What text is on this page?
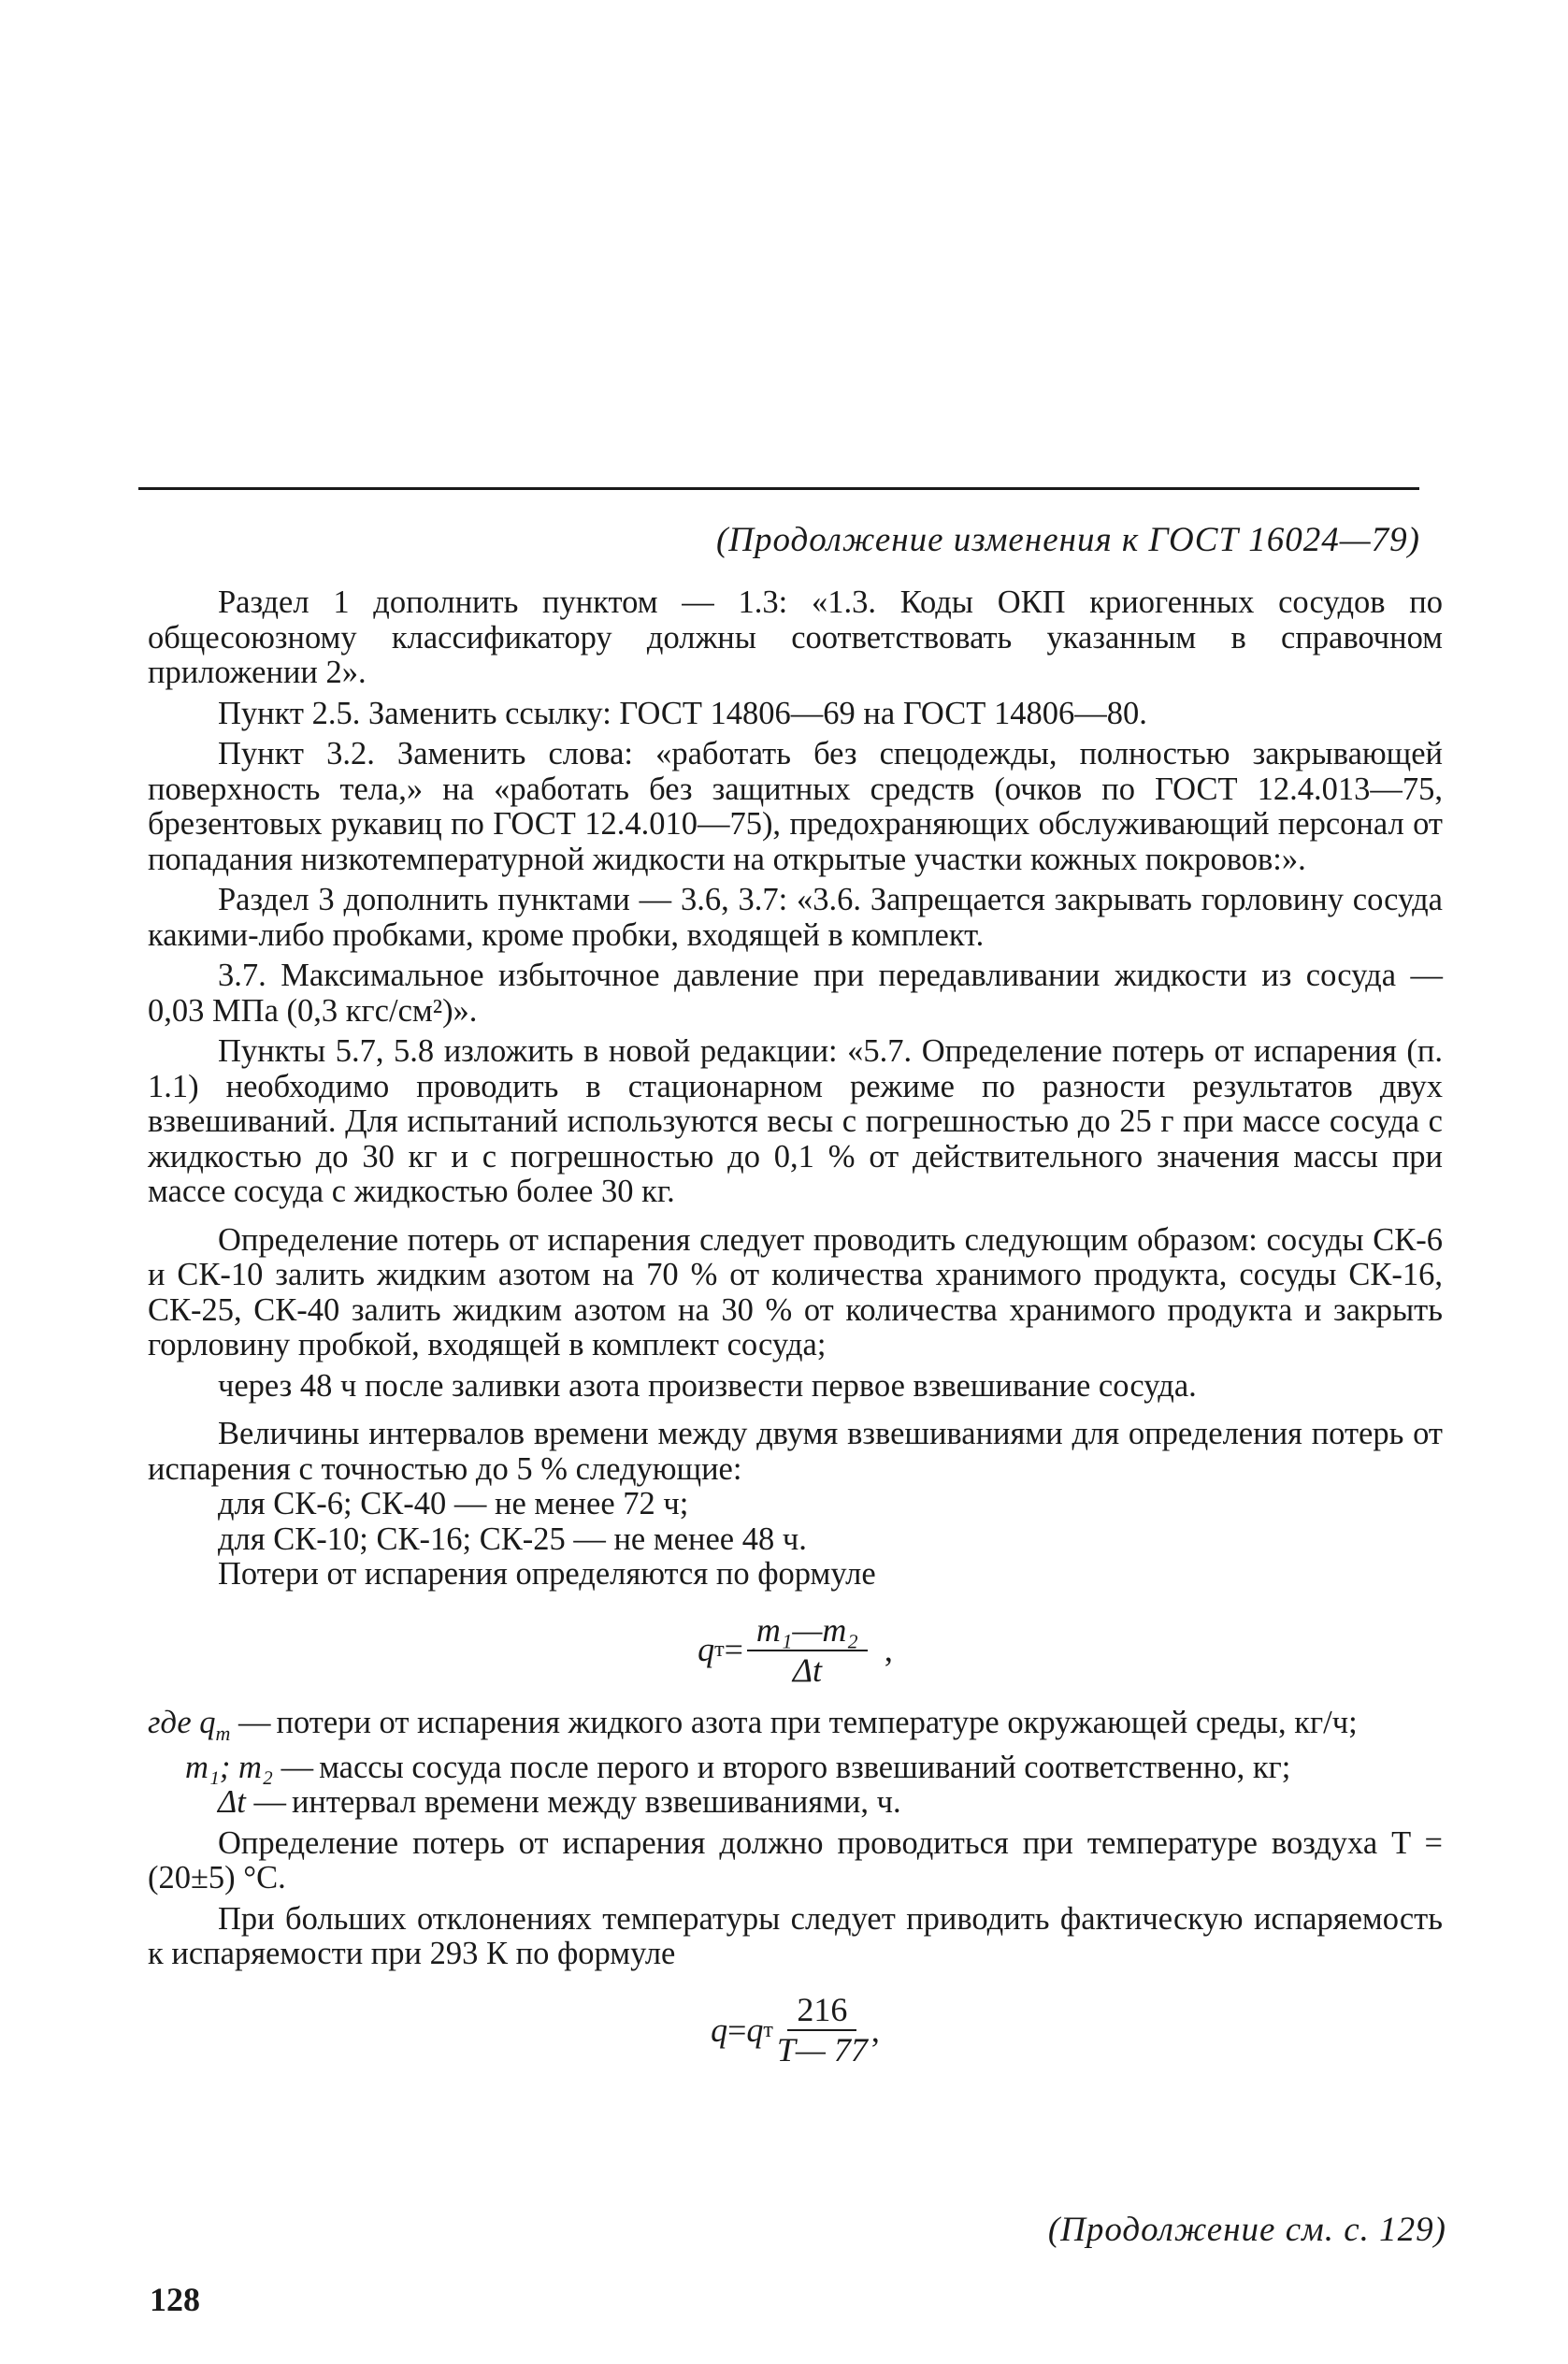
(Продолжение изменения к ГОСТ 16024—79)

Раздел 1 дополнить пунктом — 1.3: «1.3. Коды ОКП криогенных сосудов по общесоюзному классификатору должны соответствовать указанным в справочном приложении 2».

Пункт 2.5. Заменить ссылку: ГОСТ 14806—69 на ГОСТ 14806—80.

Пункт 3.2. Заменить слова: «работать без спецодежды, полностью закрывающей поверхность тела,» на «работать без защитных средств (очков по ГОСТ 12.4.013—75, брезентовых рукавиц по ГОСТ 12.4.010—75), предохраняющих обслуживающий персонал от попадания низкотемпературной жидкости на открытые участки кожных покровов:».

Раздел 3 дополнить пунктами — 3.6, 3.7: «3.6. Запрещается закрывать горловину сосуда какими-либо пробками, кроме пробки, входящей в комплект.

3.7. Максимальное избыточное давление при передавливании жидкости из сосуда — 0,03 МПа (0,3 кгс/см²)».

Пункты 5.7, 5.8 изложить в новой редакции: «5.7. Определение потерь от испарения (п. 1.1) необходимо проводить в стационарном режиме по разности результатов двух взвешиваний. Для испытаний используются весы с погрешностью до 25 г при массе сосуда с жидкостью до 30 кг и с погрешностью до 0,1 % от действительного значения массы при массе сосуда с жидкостью более 30 кг.

Определение потерь от испарения следует проводить следующим образом: сосуды СК-6 и СК-10 залить жидким азотом на 70 % от количества хранимого продукта, сосуды СК-16, СК-25, СК-40 залить жидким азотом на 30 % от количества хранимого продукта и закрыть горловину пробкой, входящей в комплект сосуда;

через 48 ч после заливки азота произвести первое взвешивание сосуда.

Величины интервалов времени между двумя взвешиваниями для определения потерь от испарения с точностью до 5 % следующие:

для СК-6; СК-40 — не менее 72 ч;

для СК-10; СК-16; СК-25 — не менее 48 ч.

Потери от испарения определяются по формуле

q $т = \frac{\text{m₁—m₂}}{\Delta t}$ ,
где $q_т$ — потери от испарения жидкого азота при температуре окружающей среды, кг/ч;
m₁; m₂ — массы сосуда после перого и второго взвешиваний соответственно, кг;
Δt — интервал времени между взвешиваниями, ч.

Определение потерь от испарения должно проводиться при температуре воздуха T = (20±5) °С.

При больших отклонениях температуры следует приводить фактическую испаряемость к испаряемости при 293 К по формуле

q = q т $\frac{216}{T— 77}$ ,
(Продолжение см. с. 129)
128
